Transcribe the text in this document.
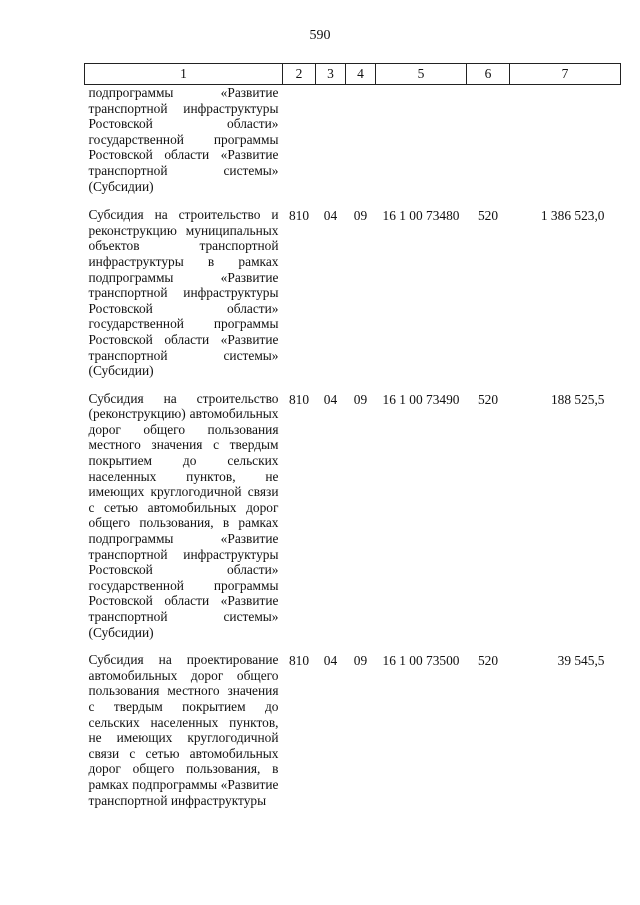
590
1	2	3	4	5	6	7
подпрограммы «Развитие транспортной инфраструктуры Ростовской области» государственной программы Ростовской области «Развитие транспортной системы» (Субсидии)						
Субсидия на строительство и реконструкцию муниципальных объектов транспортной инфраструктуры в рамках подпрограммы «Развитие транспортной инфраструктуры Ростовской области» государственной программы Ростовской области «Развитие транспортной системы» (Субсидии)	810	04	09	16 1 00 73480	520	1 386 523,0
Субсидия на строительство (реконструкцию) автомобильных дорог общего пользования местного значения с твердым покрытием до сельских населенных пунктов, не имеющих круглогодичной связи с сетью автомобильных дорог общего пользования, в рамках подпрограммы «Развитие транспортной инфраструктуры Ростовской области» государственной программы Ростовской области «Развитие транспортной системы» (Субсидии)	810	04	09	16 1 00 73490	520	188 525,5
Субсидия на проектирование автомобильных дорог общего пользования местного значения с твердым покрытием до сельских населенных пунктов, не имеющих круглогодичной связи с сетью автомобильных дорог общего пользования, в рамках подпрограммы «Развитие транспортной инфраструктуры	810	04	09	16 1 00 73500	520	39 545,5
